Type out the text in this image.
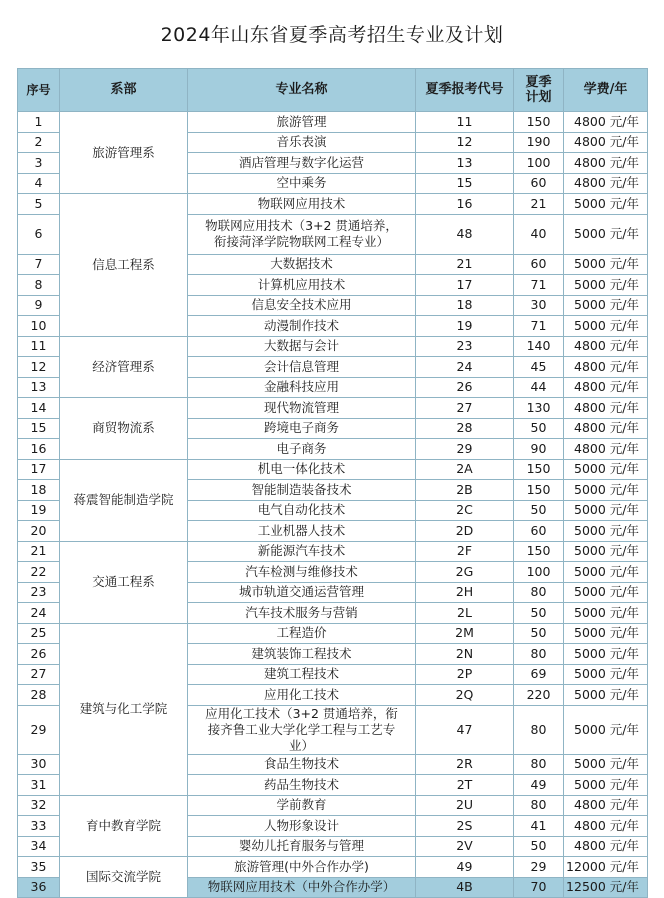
2024年山东省夏季高考招生专业及计划
序号	系部	专业名称	夏季报考代号	夏季计划	学费/年
1	旅游管理系	旅游管理	11	150	4800 元/年
2		音乐表演	12	190	4800 元/年
3		酒店管理与数字化运营	13	100	4800 元/年
4		空中乘务	15	60	4800 元/年
5	信息工程系	物联网应用技术	16	21	5000 元/年
6		物联网应用技术（3+2 贯通培养，衔接菏泽学院物联网工程专业）	48	40	5000 元/年
7		大数据技术	21	60	5000 元/年
8		计算机应用技术	17	71	5000 元/年
9		信息安全技术应用	18	30	5000 元/年
10		动漫制作技术	19	71	5000 元/年
11	经济管理系	大数据与会计	23	140	4800 元/年
12		会计信息管理	24	45	4800 元/年
13		金融科技应用	26	44	4800 元/年
14	商贸物流系	现代物流管理	27	130	4800 元/年
15		跨境电子商务	28	50	4800 元/年
16		电子商务	29	90	4800 元/年
17	蒋震智能制造学院	机电一体化技术	2A	150	5000 元/年
18		智能制造装备技术	2B	150	5000 元/年
19		电气自动化技术	2C	50	5000 元/年
20		工业机器人技术	2D	60	5000 元/年
21	交通工程系	新能源汽车技术	2F	150	5000 元/年
22		汽车检测与维修技术	2G	100	5000 元/年
23		城市轨道交通运营管理	2H	80	5000 元/年
24		汽车技术服务与营销	2L	50	5000 元/年
25	建筑与化工学院	工程造价	2M	50	5000 元/年
26		建筑装饰工程技术	2N	80	5000 元/年
27		建筑工程技术	2P	69	5000 元/年
28		应用化工技术	2Q	220	5000 元/年
29		应用化工技术（3+2 贯通培养，衔接齐鲁工业大学化学工程与工艺专业）	47	80	5000 元/年
30		食品生物技术	2R	80	5000 元/年
31		药品生物技术	2T	49	5000 元/年
32	育中教育学院	学前教育	2U	80	4800 元/年
33		人物形象设计	2S	41	4800 元/年
34		婴幼儿托育服务与管理	2V	50	4800 元/年
35	国际交流学院	旅游管理(中外合作办学)	49	29	12000 元/年
36		物联网应用技术（中外合作办学）	4B	70	12500 元/年
